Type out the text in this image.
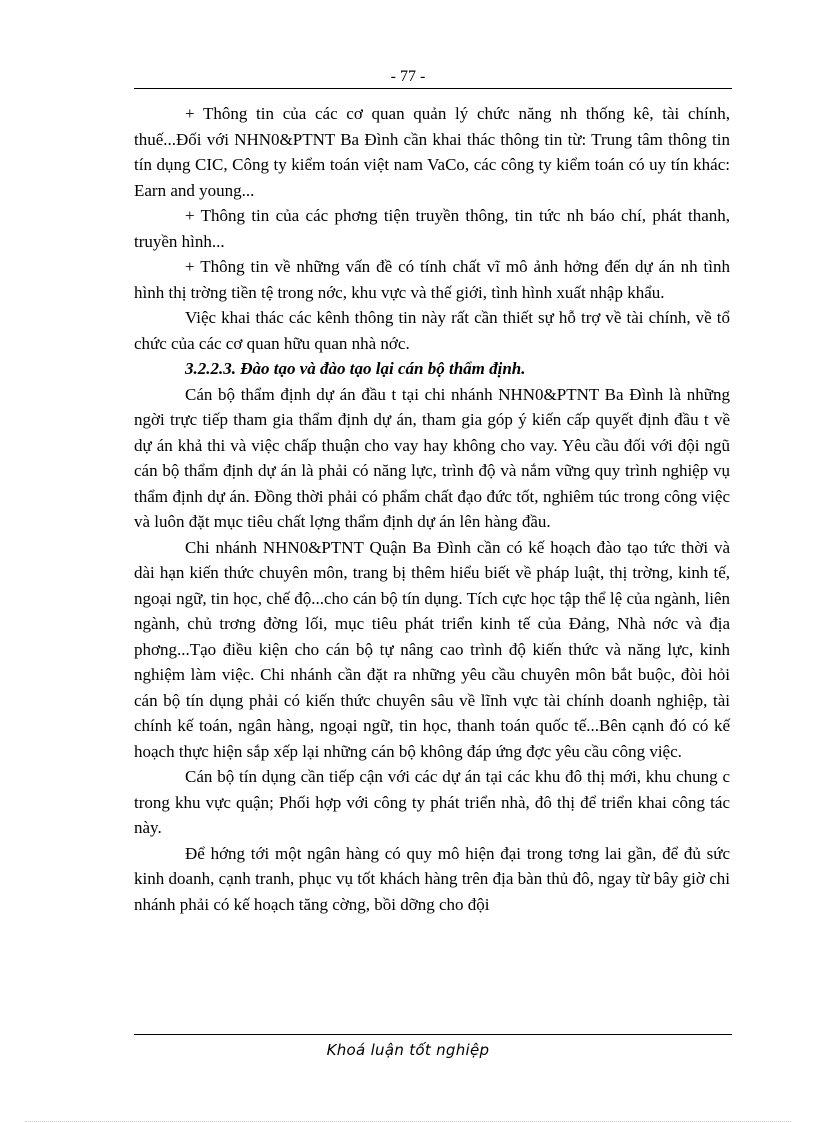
- 77 -

+ Thông tin của các cơ quan quản lý chức năng nh thống kê, tài chính, thuế...Đối với NHN0&PTNT Ba Đình cần khai thác thông tin từ: Trung tâm thông tin tín dụng CIC, Công ty kiểm toán việt nam VaCo, các công ty kiểm toán có uy tín khác: Earn and young...

+ Thông tin của các phơng tiện truyền thông, tin tức nh báo chí, phát thanh, truyền hình...

+ Thông tin về những vấn đề có tính chất vĩ mô ảnh hởng đến dự án nh tình hình thị trờng tiền tệ trong nớc, khu vực và thế giới, tình hình xuất nhập khẩu.

Việc khai thác các kênh thông tin này rất cần thiết sự hỗ trợ về tài chính, về tổ chức của các cơ quan hữu quan nhà nớc.

3.2.2.3. Đào tạo và đào tạo lại cán bộ thẩm định.

Cán bộ thẩm định dự án đầu t tại chi nhánh NHN0&PTNT Ba Đình là những ngời trực tiếp tham gia thẩm định dự án, tham gia góp ý kiến cấp quyết định đầu t về dự án khả thi và việc chấp thuận cho vay hay không cho vay. Yêu cầu đối với đội ngũ cán bộ thẩm định dự án là phải có năng lực, trình độ và nắm vững quy trình nghiệp vụ thẩm định dự án. Đồng thời phải có phẩm chất đạo đức tốt, nghiêm túc trong công việc và luôn đặt mục tiêu chất lợng thẩm định dự án lên hàng đầu.

Chi nhánh NHN0&PTNT Quận Ba Đình cần có kế hoạch đào tạo tức thời và dài hạn kiến thức chuyên môn, trang bị thêm hiểu biết về pháp luật, thị trờng, kinh tế, ngoại ngữ, tin học, chế độ...cho cán bộ tín dụng. Tích cực học tập thể lệ của ngành, liên ngành, chủ trơng đờng lối, mục tiêu phát triển kinh tế của Đảng, Nhà nớc và địa phơng...Tạo điều kiện cho cán bộ tự nâng cao trình độ kiến thức và năng lực, kinh nghiệm làm việc. Chi nhánh cần đặt ra những yêu cầu chuyên môn bắt buộc, đòi hỏi cán bộ tín dụng phải có kiến thức chuyên sâu về lĩnh vực tài chính doanh nghiệp, tài chính kế toán, ngân hàng, ngoại ngữ, tin học, thanh toán quốc tế...Bên cạnh đó có kế hoạch thực hiện sắp xếp lại những cán bộ không đáp ứng đợc yêu cầu công việc.

Cán bộ tín dụng cần tiếp cận với các dự án tại các khu đô thị mới, khu chung c trong khu vực quận; Phối hợp với công ty phát triển nhà, đô thị để triển khai công tác này.

Để hớng tới một ngân hàng có quy mô hiện đại trong tơng lai gần, để đủ sức kinh doanh, cạnh tranh, phục vụ tốt khách hàng trên địa bàn thủ đô, ngay từ bây giờ chi nhánh phải có kế hoạch tăng cờng, bồi dỡng cho đội

Khoá luận tốt nghiệp
